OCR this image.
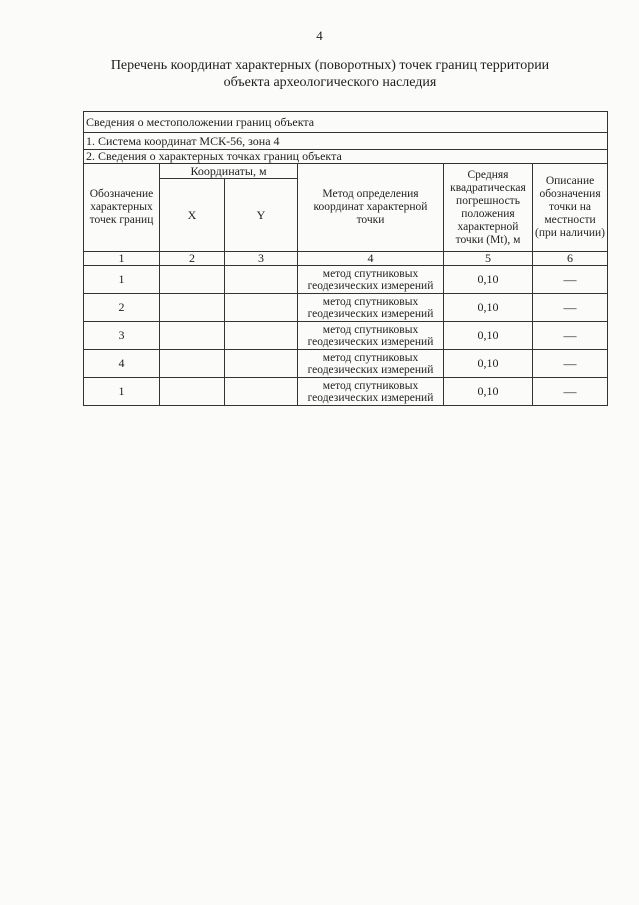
4
Перечень координат характерных (поворотных) точек границ территории
объекта археологического наследия
Сведения о местоположении границ объекта					
1. Система координат МСК-56, зона 4					
2. Сведения о характерных точках границ объекта					
Обозначение характерных точек границ	Координаты, м		Метод определения координат характерной точки	Средняя квадратическая погрешность положения характерной точки (Mt), м	Описание обозначения точки на местности (при наличии)
	X	Y			
1	2	3	4	5	6
1			метод спутниковых геодезических измерений	0,10	—
2			метод спутниковых геодезических измерений	0,10	—
3			метод спутниковых геодезических измерений	0,10	—
4			метод спутниковых геодезических измерений	0,10	—
1			метод спутниковых геодезических измерений	0,10	—
